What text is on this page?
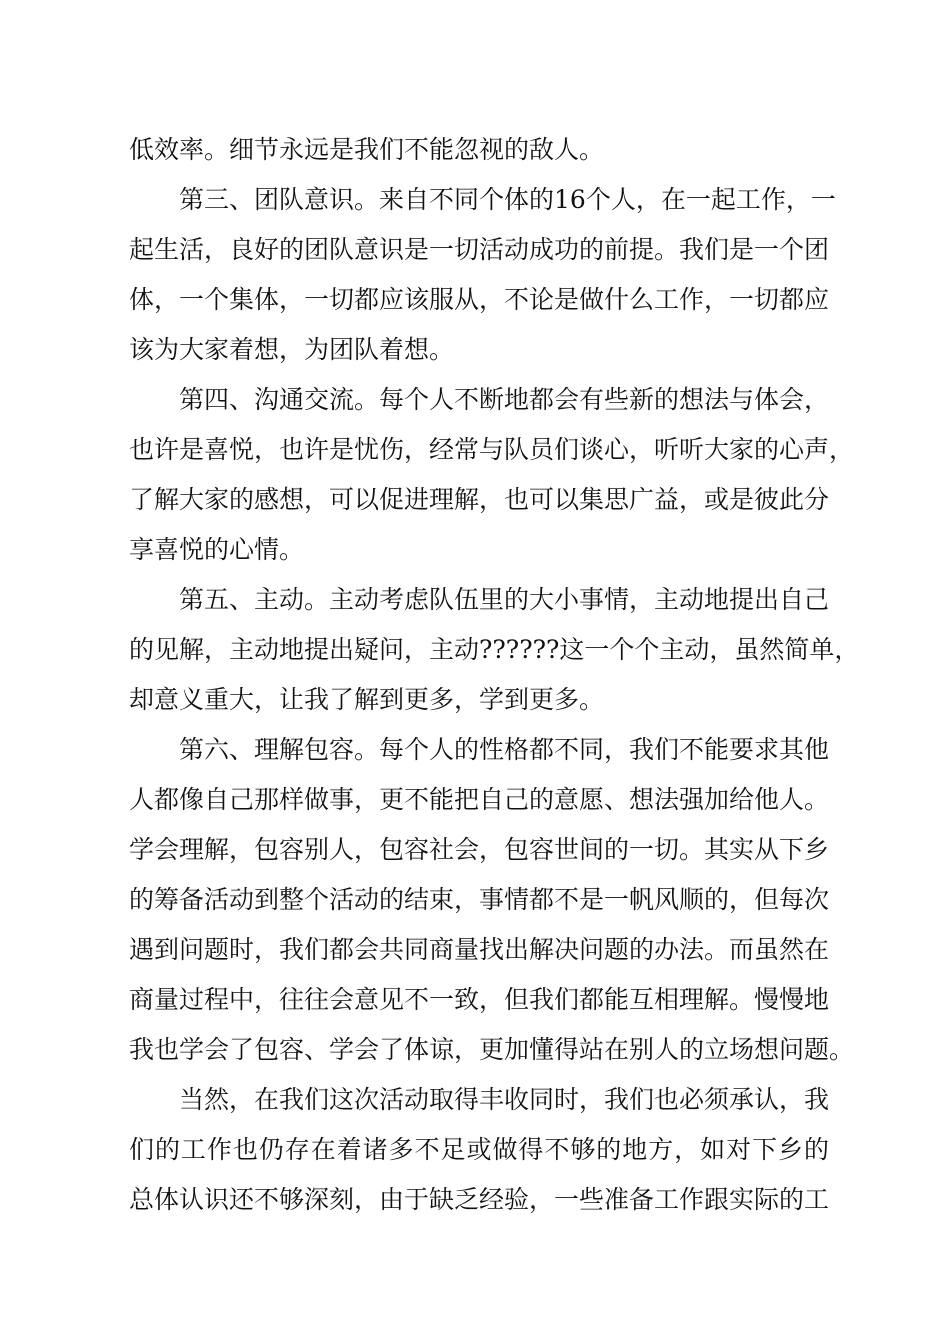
低效率。细节永远是我们不能忽视的敌人。
第三、团队意识。来自不同个体的16个人，在一起工作，一
起生活，良好的团队意识是一切活动成功的前提。我们是一个团
体，一个集体，一切都应该服从，不论是做什么工作，一切都应
该为大家着想，为团队着想。
第四、沟通交流。每个人不断地都会有些新的想法与体会，
也许是喜悦，也许是忧伤，经常与队员们谈心，听听大家的心声，
了解大家的感想，可以促进理解，也可以集思广益，或是彼此分
享喜悦的心情。
第五、主动。主动考虑队伍里的大小事情，主动地提出自己
的见解，主动地提出疑问，主动??????这一个个主动，虽然简单，
却意义重大，让我了解到更多，学到更多。
第六、理解包容。每个人的性格都不同，我们不能要求其他
人都像自己那样做事，更不能把自己的意愿、想法强加给他人。
学会理解，包容别人，包容社会，包容世间的一切。其实从下乡
的筹备活动到整个活动的结束，事情都不是一帆风顺的，但每次
遇到问题时，我们都会共同商量找出解决问题的办法。而虽然在
商量过程中，往往会意见不一致，但我们都能互相理解。慢慢地
我也学会了包容、学会了体谅，更加懂得站在别人的立场想问题。
当然，在我们这次活动取得丰收同时，我们也必须承认，我
们的工作也仍存在着诸多不足或做得不够的地方，如对下乡的
总体认识还不够深刻，由于缺乏经验，一些准备工作跟实际的工
